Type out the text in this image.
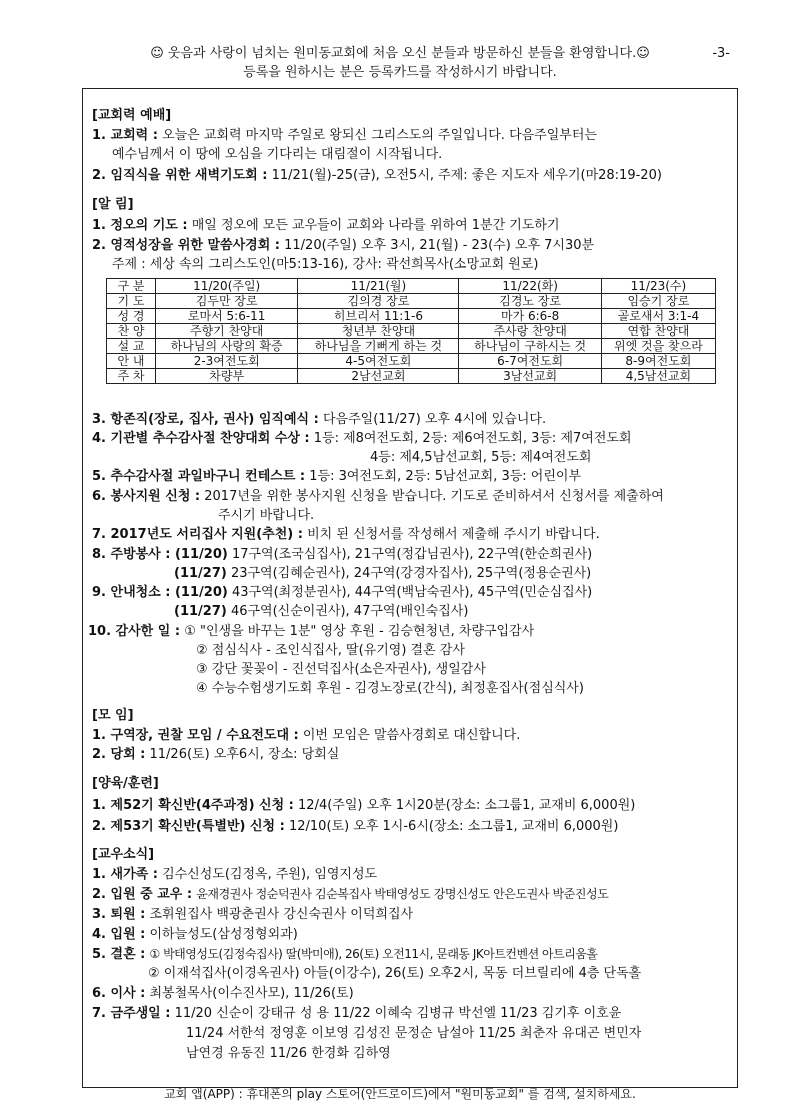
☺ 웃음과 사랑이 넘치는 원미동교회에 처음 오신 분들과 방문하신 분들을 환영합니다.☺	-3-
등록을 원하시는 분은 등록카드를 작성하시기 바랍니다.
[교회력 예배]
1. 교회력 : 오늘은 교회력 마지막 주일로 왕되신 그리스도의 주일입니다. 다음주일부터는
예수님께서 이 땅에 오심을 기다리는 대림절이 시작됩니다.
2. 임직식을 위한 새벽기도회 : 11/21(월)-25(금), 오전5시, 주제: 좋은 지도자 세우기(마28:19-20)
[알 림]
1. 정오의 기도 : 매일 정오에 모든 교우들이 교회와 나라를 위하여 1분간 기도하기
2. 영적성장을 위한 말씀사경회 : 11/20(주일) 오후 3시, 21(월) - 23(수) 오후 7시30분
주제 : 세상 속의 그리스도인(마5:13-16), 강사: 곽선희목사(소망교회 원로)
구 분	11/20(주일)	11/21(월)	11/22(화)	11/23(수)
기 도	김두만 장로	김의경 장로	김경노 장로	임승기 장로
성 경	로마서 5:6-11	히브리서 11:1-6	마가 6:6-8	골로새서 3:1-4
찬 양	주향기 찬양대	청년부 찬양대	주사랑 찬양대	연합 찬양대
설 교	하나님의 사랑의 확증	하나님을 기뻐게 하는 것	하나님이 구하시는 것	위엣 것을 찾으라
안 내	2-3여전도회	4-5여전도회	6-7여전도회	8-9여전도회
주 차	차량부	2남선교회	3남선교회	4,5남선교회
3. 항존직(장로, 집사, 권사) 임직예식 : 다음주일(11/27) 오후 4시에 있습니다.
4. 기관별 추수감사절 찬양대회 수상 : 1등: 제8여전도회, 2등: 제6여전도회, 3등: 제7여전도회
4등: 제4,5남선교회, 5등: 제4여전도회
5. 추수감사절 과일바구니 컨테스트 : 1등: 3여전도회, 2등: 5남선교회, 3등: 어린이부
6. 봉사지원 신청 : 2017년을 위한 봉사지원 신청을 받습니다. 기도로 준비하셔서 신청서를 제출하여
주시기 바랍니다.
7. 2017년도 서리집사 지원(추천) : 비치 된 신청서를 작성해서 제출해 주시기 바랍니다.
8. 주방봉사 : (11/20) 17구역(조국심집사), 21구역(정갑님권사), 22구역(한순희권사)
(11/27) 23구역(김혜순권사), 24구역(강경자집사), 25구역(정용순권사)
9. 안내청소 : (11/20) 43구역(최정분권사), 44구역(백남숙권사), 45구역(민순심집사)
(11/27) 46구역(신순이권사), 47구역(배인숙집사)
10. 감사한 일 : ① "인생을 바꾸는 1분" 영상 후원 - 김승현청년, 차량구입감사
② 점심식사 - 조인식집사, 딸(유기영) 결혼 감사
③ 강단 꽃꽂이 - 진선덕집사(소은자권사), 생일감사
④ 수능수험생기도회 후원 - 김경노장로(간식), 최정훈집사(점심식사)
[모 임]
1. 구역장, 권찰 모임 / 수요전도대 : 이번 모임은 말씀사경회로 대신합니다.
2. 당회 : 11/26(토) 오후6시, 장소: 당회실
[양육/훈련]
1. 제52기 확신반(4주과정) 신청 : 12/4(주일) 오후 1시20분(장소: 소그룹1, 교재비 6,000원)
2. 제53기 확신반(특별반) 신청 : 12/10(토) 오후 1시-6시(장소: 소그룹1, 교재비 6,000원)
[교우소식]
1. 새가족 : 김수신성도(김정옥, 주원), 임영지성도
2. 입원 중 교우 : 윤재경권사 정순덕권사 김순복집사 박태영성도 강명신성도 안은도권사 박준진성도
3. 퇴원 : 조휘원집사 백광춘권사 강신숙권사 이덕희집사
4. 입원 : 이하늘성도(삼성정형외과)
5. 결혼 : ① 박태영성도(김정숙집사) 딸(박미애), 26(토) 오전11시, 문래동 JK아트컨벤션 아트리움홀
② 이재석집사(이경옥권사) 아들(이강수), 26(토) 오후2시, 목동 더브릴리에 4층 단독홀
6. 이사 : 최봉철목사(이수진사모), 11/26(토)
7. 금주생일 : 11/20 신순이 강태규 성 용 11/22 이혜숙 김병규 박선엘 11/23 김기후 이호윤
11/24 서한석 정영훈 이보영 김성진 문정순 남설아 11/25 최춘자 유대곤 변민자
남연경 유동진 11/26 한경화 김하영
교회 앱(APP) : 휴대폰의 play 스토어(안드로이드)에서 "원미동교회" 를 검색, 설치하세요.
